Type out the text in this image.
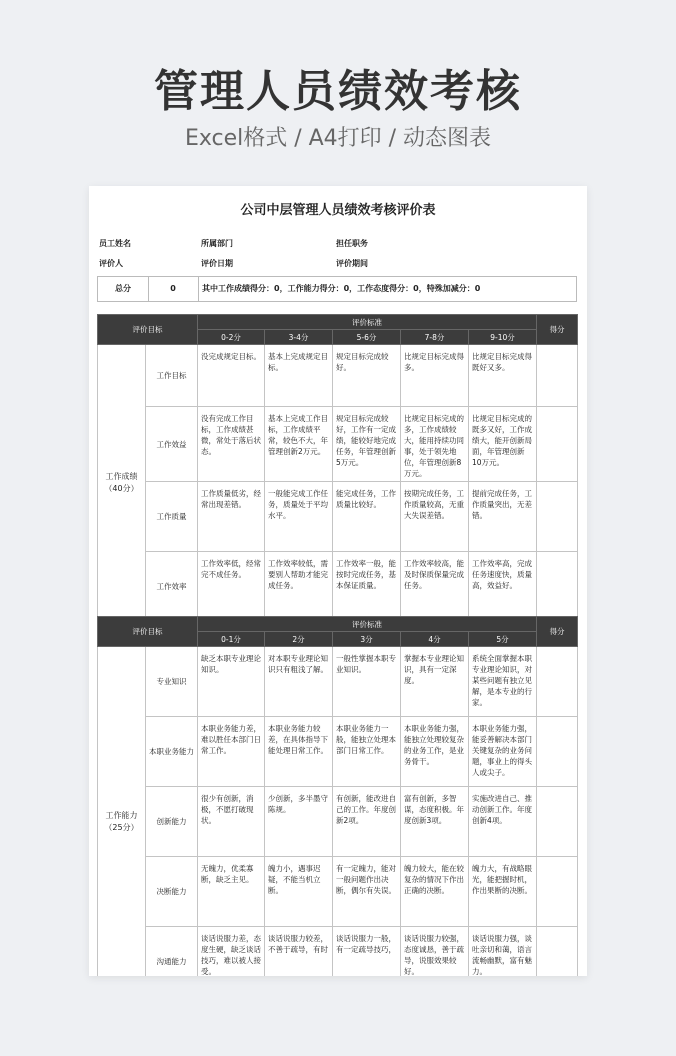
管理人员绩效考核
Excel格式 / A4打印 / 动态图表
公司中层管理人员绩效考核评价表
员工姓名	所属部门	担任职务
评价人	评价日期	评价期间
总分	0	其中工作成绩得分：0，工作能力得分：0，工作态度得分：0，特殊加减分：0
评价目标		评价标准					得分
		0-2分	3-4分	5-6分	7-8分	9-10分	
工作成绩
（40分）	工作目标	没完成规定目标。	基本上完成规定目标。	规定目标完成较好。	比规定目标完成得多。	比规定目标完成得既好又多。	
	工作效益	没有完成工作目标，工作成绩甚微，常处于落后状态。	基本上完成工作目标，工作成绩平常，较色不大，年管理创新2万元。	规定目标完成较好，工作有一定成绩，能较好地完成任务，年管理创新5万元。	比规定目标完成的多，工作成绩较大，能用持续功同事，处于领先地位，年管理创新8万元。	比规定目标完成的既多又好，工作成绩大，能开创新局面，年管理创新10万元。	
	工作质量	工作质量低劣，经常出现差错。	一般能完成工作任务，质量处于平均水平。	能完成任务，工作质量比较好。	按期完成任务，工作质量较高，无重大失误差错。	提前完成任务，工作质量突出，无差错。	
	工作效率	工作效率低，经常完不成任务。	工作效率较低，需要别人帮助才能完成任务。	工作效率一般，能按时完成任务，基本保证质量。	工作效率较高，能及时保质保量完成任务。	工作效率高，完成任务速度快，质量高，效益好。	
评价目标		评价标准					得分
		0-1分	2分	3分	4分	5分	
工作能力
（25分）	专业知识	缺乏本职专业理论知识。	对本职专业理论知识只有粗浅了解。	一般性掌握本职专业知识。	掌握本专业理论知识，具有一定深度。	系统全面掌握本职专业理论知识，对某些问题有独立见解，是本专业的行家。	
	本职业务能力	本职业务能力差，难以胜任本部门日常工作。	本职业务能力较差，在具体指导下能处理日常工作。	本职业务能力一般，能独立处理本部门日常工作。	本职业务能力强，能独立处理较复杂的业务工作，是业务骨干。	本职业务能力强，能妥善解决本部门关键复杂的业务问题，事业上的得头人或尖子。	
	创新能力	很少有创新，消极，不愿打破现状。	少创新，多半墨守陈规。	有创新，能改进自己的工作。年度创新2项。	富有创新，多智谋，态度积极。年度创新3项。	实施改进自己、推动创新工作。年度创新4项。	
	决断能力	无魄力，优柔寡断，缺乏主见。	魄力小，遇事迟疑，不能当机立断。	有一定魄力，能对一般问题作出决断，偶尔有失误。	魄力较大，能在较复杂的情况下作出正确的决断。	魄力大，有战略眼光，能把握时机，作出果断的决断。	
	沟通能力	谈话说服力差，态度生硬，缺乏谈话技巧，难以被人接受。	谈话说服力较差，不善于疏导，有时	谈话说服力一般，有一定疏导技巧，	谈话说服力较强，态度诚恳，善于疏导，说服效果较好。	谈话说服力强，谈吐亲切和蔼，语言流畅幽默，富有魅力。	
